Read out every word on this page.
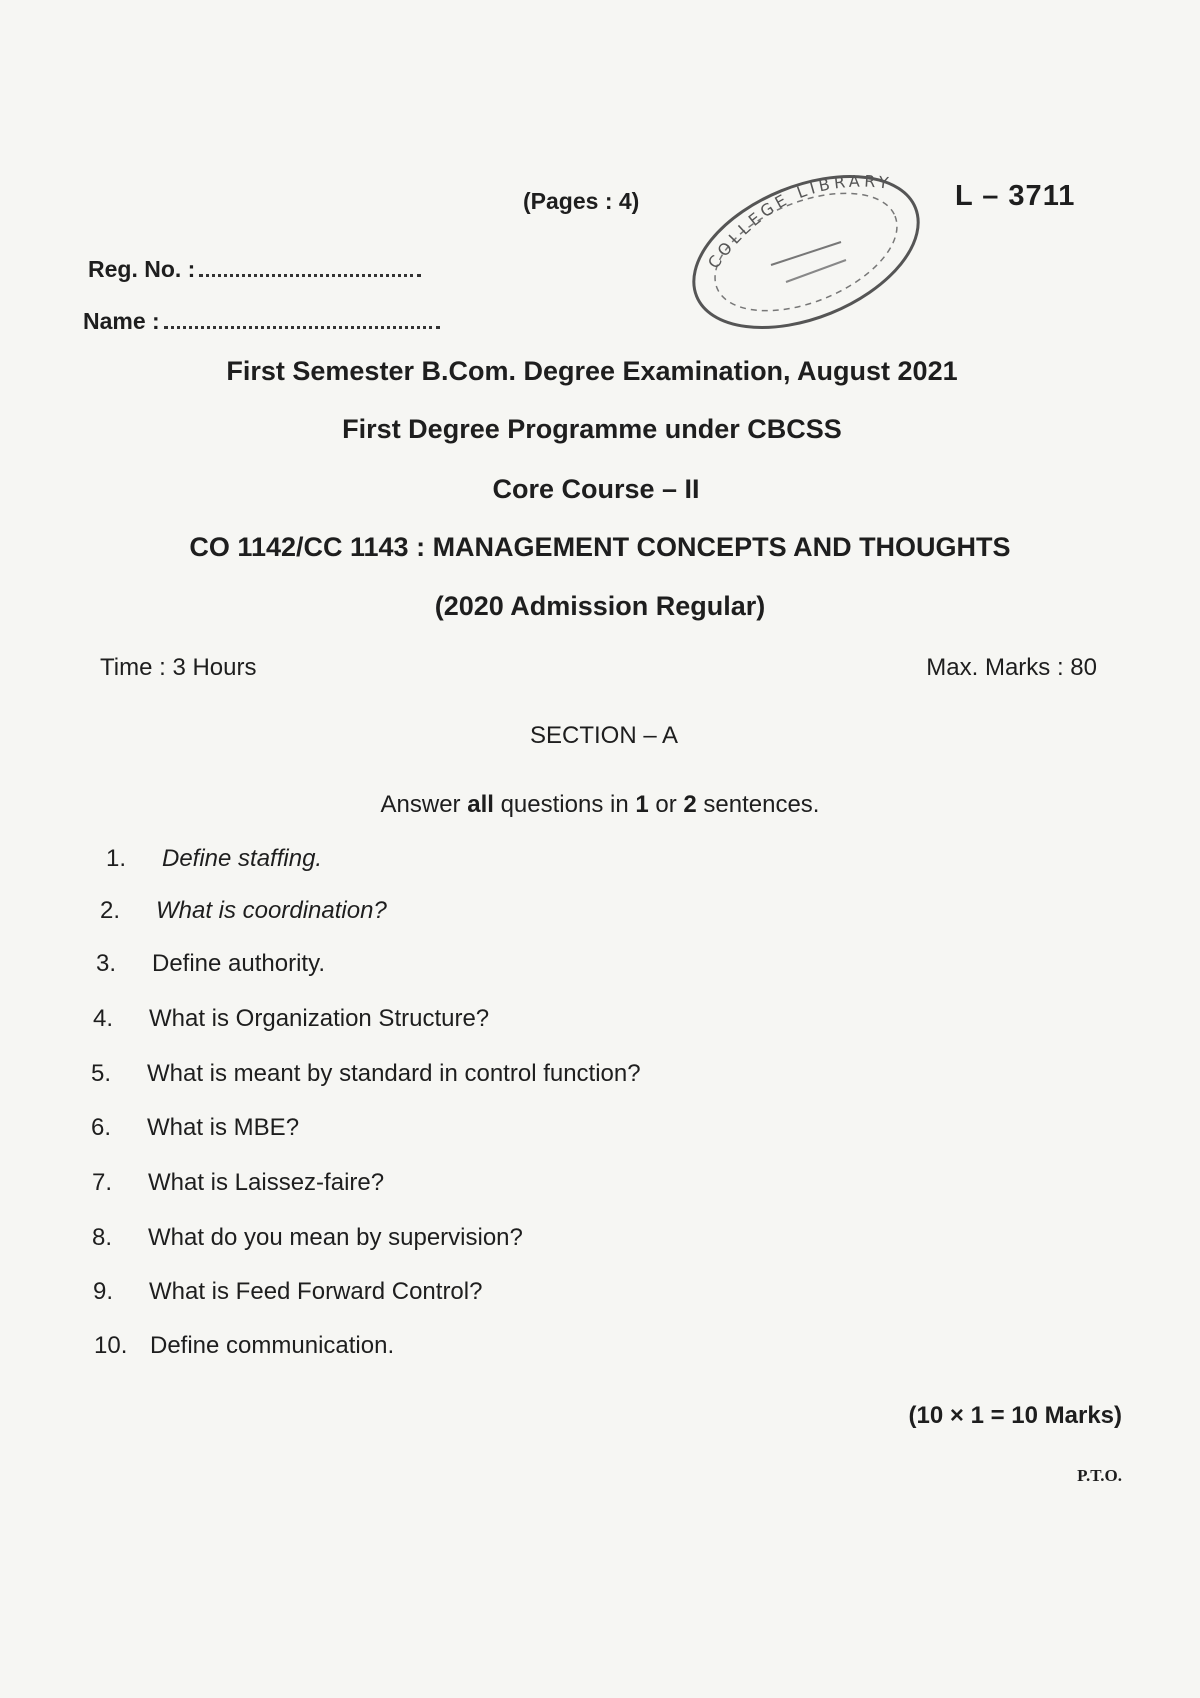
(Pages : 4)	L – 3711
COLLEGE LIBRARY
Reg. No. :
Name :
First Semester B.Com. Degree Examination, August 2021
First Degree Programme under CBCSS
Core Course – II
CO 1142/CC 1143 : MANAGEMENT CONCEPTS AND THOUGHTS
(2020 Admission Regular)
Time : 3 Hours	Max. Marks : 80
SECTION – A
Answer all questions in 1 or 2 sentences.
1. Define staffing.
2. What is coordination?
3. Define authority.
4. What is Organization Structure?
5. What is meant by standard in control function?
6. What is MBE?
7. What is Laissez-faire?
8. What do you mean by supervision?
9. What is Feed Forward Control?
10. Define communication.
(10 × 1 = 10 Marks)
P.T.O.
